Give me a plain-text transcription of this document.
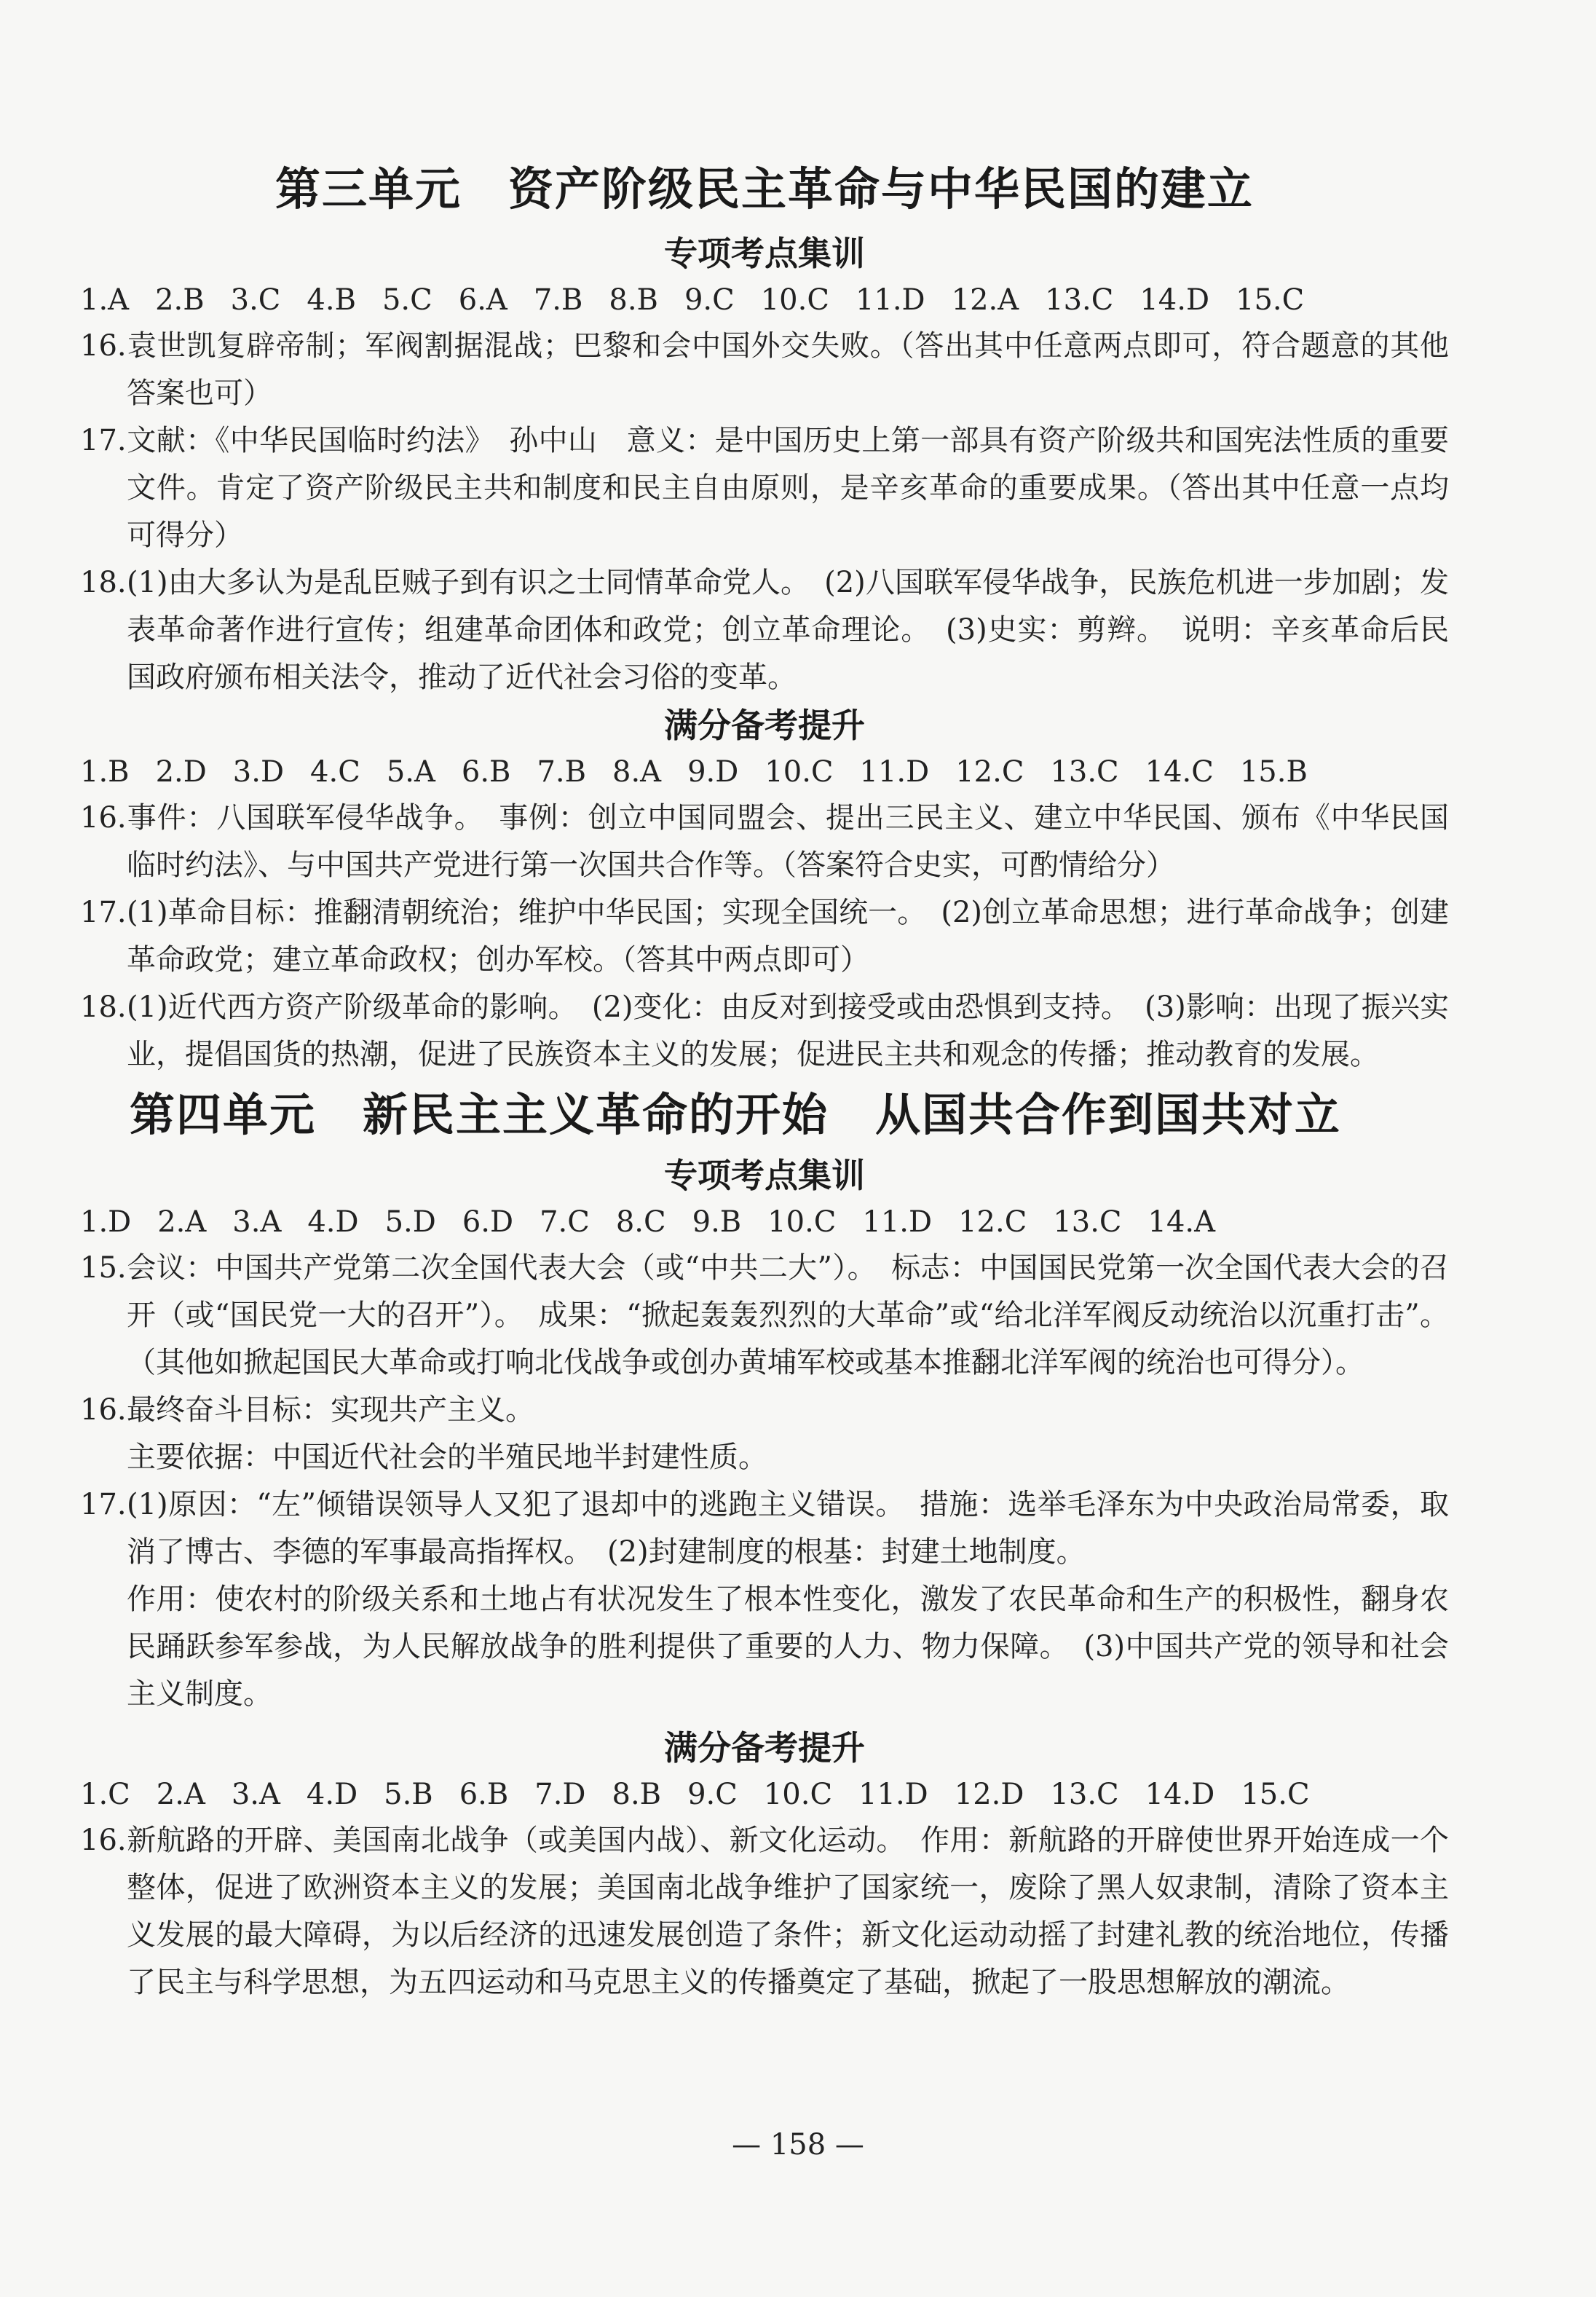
第三单元　资产阶级民主革命与中华民国的建立
专项考点集训
1.A 2.B 3.C 4.B 5.C 6.A 7.B 8.B 9.C 10.C 11.D 12.A 13.C 14.D 15.C
16.袁世凯复辟帝制；军阀割据混战；巴黎和会中国外交失败。（答出其中任意两点即可，符合题意的其他答案也可）
17.文献：《中华民国临时约法》　孙中山　意义：是中国历史上第一部具有资产阶级共和国宪法性质的重要文件。肯定了资产阶级民主共和制度和民主自由原则，是辛亥革命的重要成果。（答出其中任意一点均可得分）
18.(1)由大多认为是乱臣贼子到有识之士同情革命党人。　(2)八国联军侵华战争，民族危机进一步加剧；发表革命著作进行宣传；组建革命团体和政党；创立革命理论。　(3)史实：剪辫。　说明：辛亥革命后民国政府颁布相关法令，推动了近代社会习俗的变革。
满分备考提升
1.B 2.D 3.D 4.C 5.A 6.B 7.B 8.A 9.D 10.C 11.D 12.C 13.C 14.C 15.B
16.事件：八国联军侵华战争。　事例：创立中国同盟会、提出三民主义、建立中华民国、颁布《中华民国临时约法》、与中国共产党进行第一次国共合作等。（答案符合史实，可酌情给分）
17.(1)革命目标：推翻清朝统治；维护中华民国；实现全国统一。　(2)创立革命思想；进行革命战争；创建革命政党；建立革命政权；创办军校。（答其中两点即可）
18.(1)近代西方资产阶级革命的影响。　(2)变化：由反对到接受或由恐惧到支持。　(3)影响：出现了振兴实业，提倡国货的热潮，促进了民族资本主义的发展；促进民主共和观念的传播；推动教育的发展。
第四单元　新民主主义革命的开始　从国共合作到国共对立
专项考点集训
1.D 2.A 3.A 4.D 5.D 6.D 7.C 8.C 9.B 10.C 11.D 12.C 13.C 14.A
15.会议：中国共产党第二次全国代表大会（或“中共二大”）。　标志：中国国民党第一次全国代表大会的召开（或“国民党一大的召开”）。　成果：“掀起轰轰烈烈的大革命”或“给北洋军阀反动统治以沉重打击”。（其他如掀起国民大革命或打响北伐战争或创办黄埔军校或基本推翻北洋军阀的统治也可得分）。
16.最终奋斗目标：实现共产主义。

主要依据：中国近代社会的半殖民地半封建性质。

17.(1)原因：“左”倾错误领导人又犯了退却中的逃跑主义错误。　措施：选举毛泽东为中央政治局常委，取消了博古、李德的军事最高指挥权。　(2)封建制度的根基：封建土地制度。

作用：使农村的阶级关系和土地占有状况发生了根本性变化，激发了农民革命和生产的积极性，翻身农民踊跃参军参战，为人民解放战争的胜利提供了重要的人力、物力保障。　(3)中国共产党的领导和社会主义制度。

满分备考提升
1.C 2.A 3.A 4.D 5.B 6.B 7.D 8.B 9.C 10.C 11.D 12.D 13.C 14.D 15.C
16.新航路的开辟、美国南北战争（或美国内战）、新文化运动。　作用：新航路的开辟使世界开始连成一个整体，促进了欧洲资本主义的发展；美国南北战争维护了国家统一，废除了黑人奴隶制，清除了资本主义发展的最大障碍，为以后经济的迅速发展创造了条件；新文化运动动摇了封建礼教的统治地位，传播了民主与科学思想，为五四运动和马克思主义的传播奠定了基础，掀起了一股思想解放的潮流。
— 158 —
